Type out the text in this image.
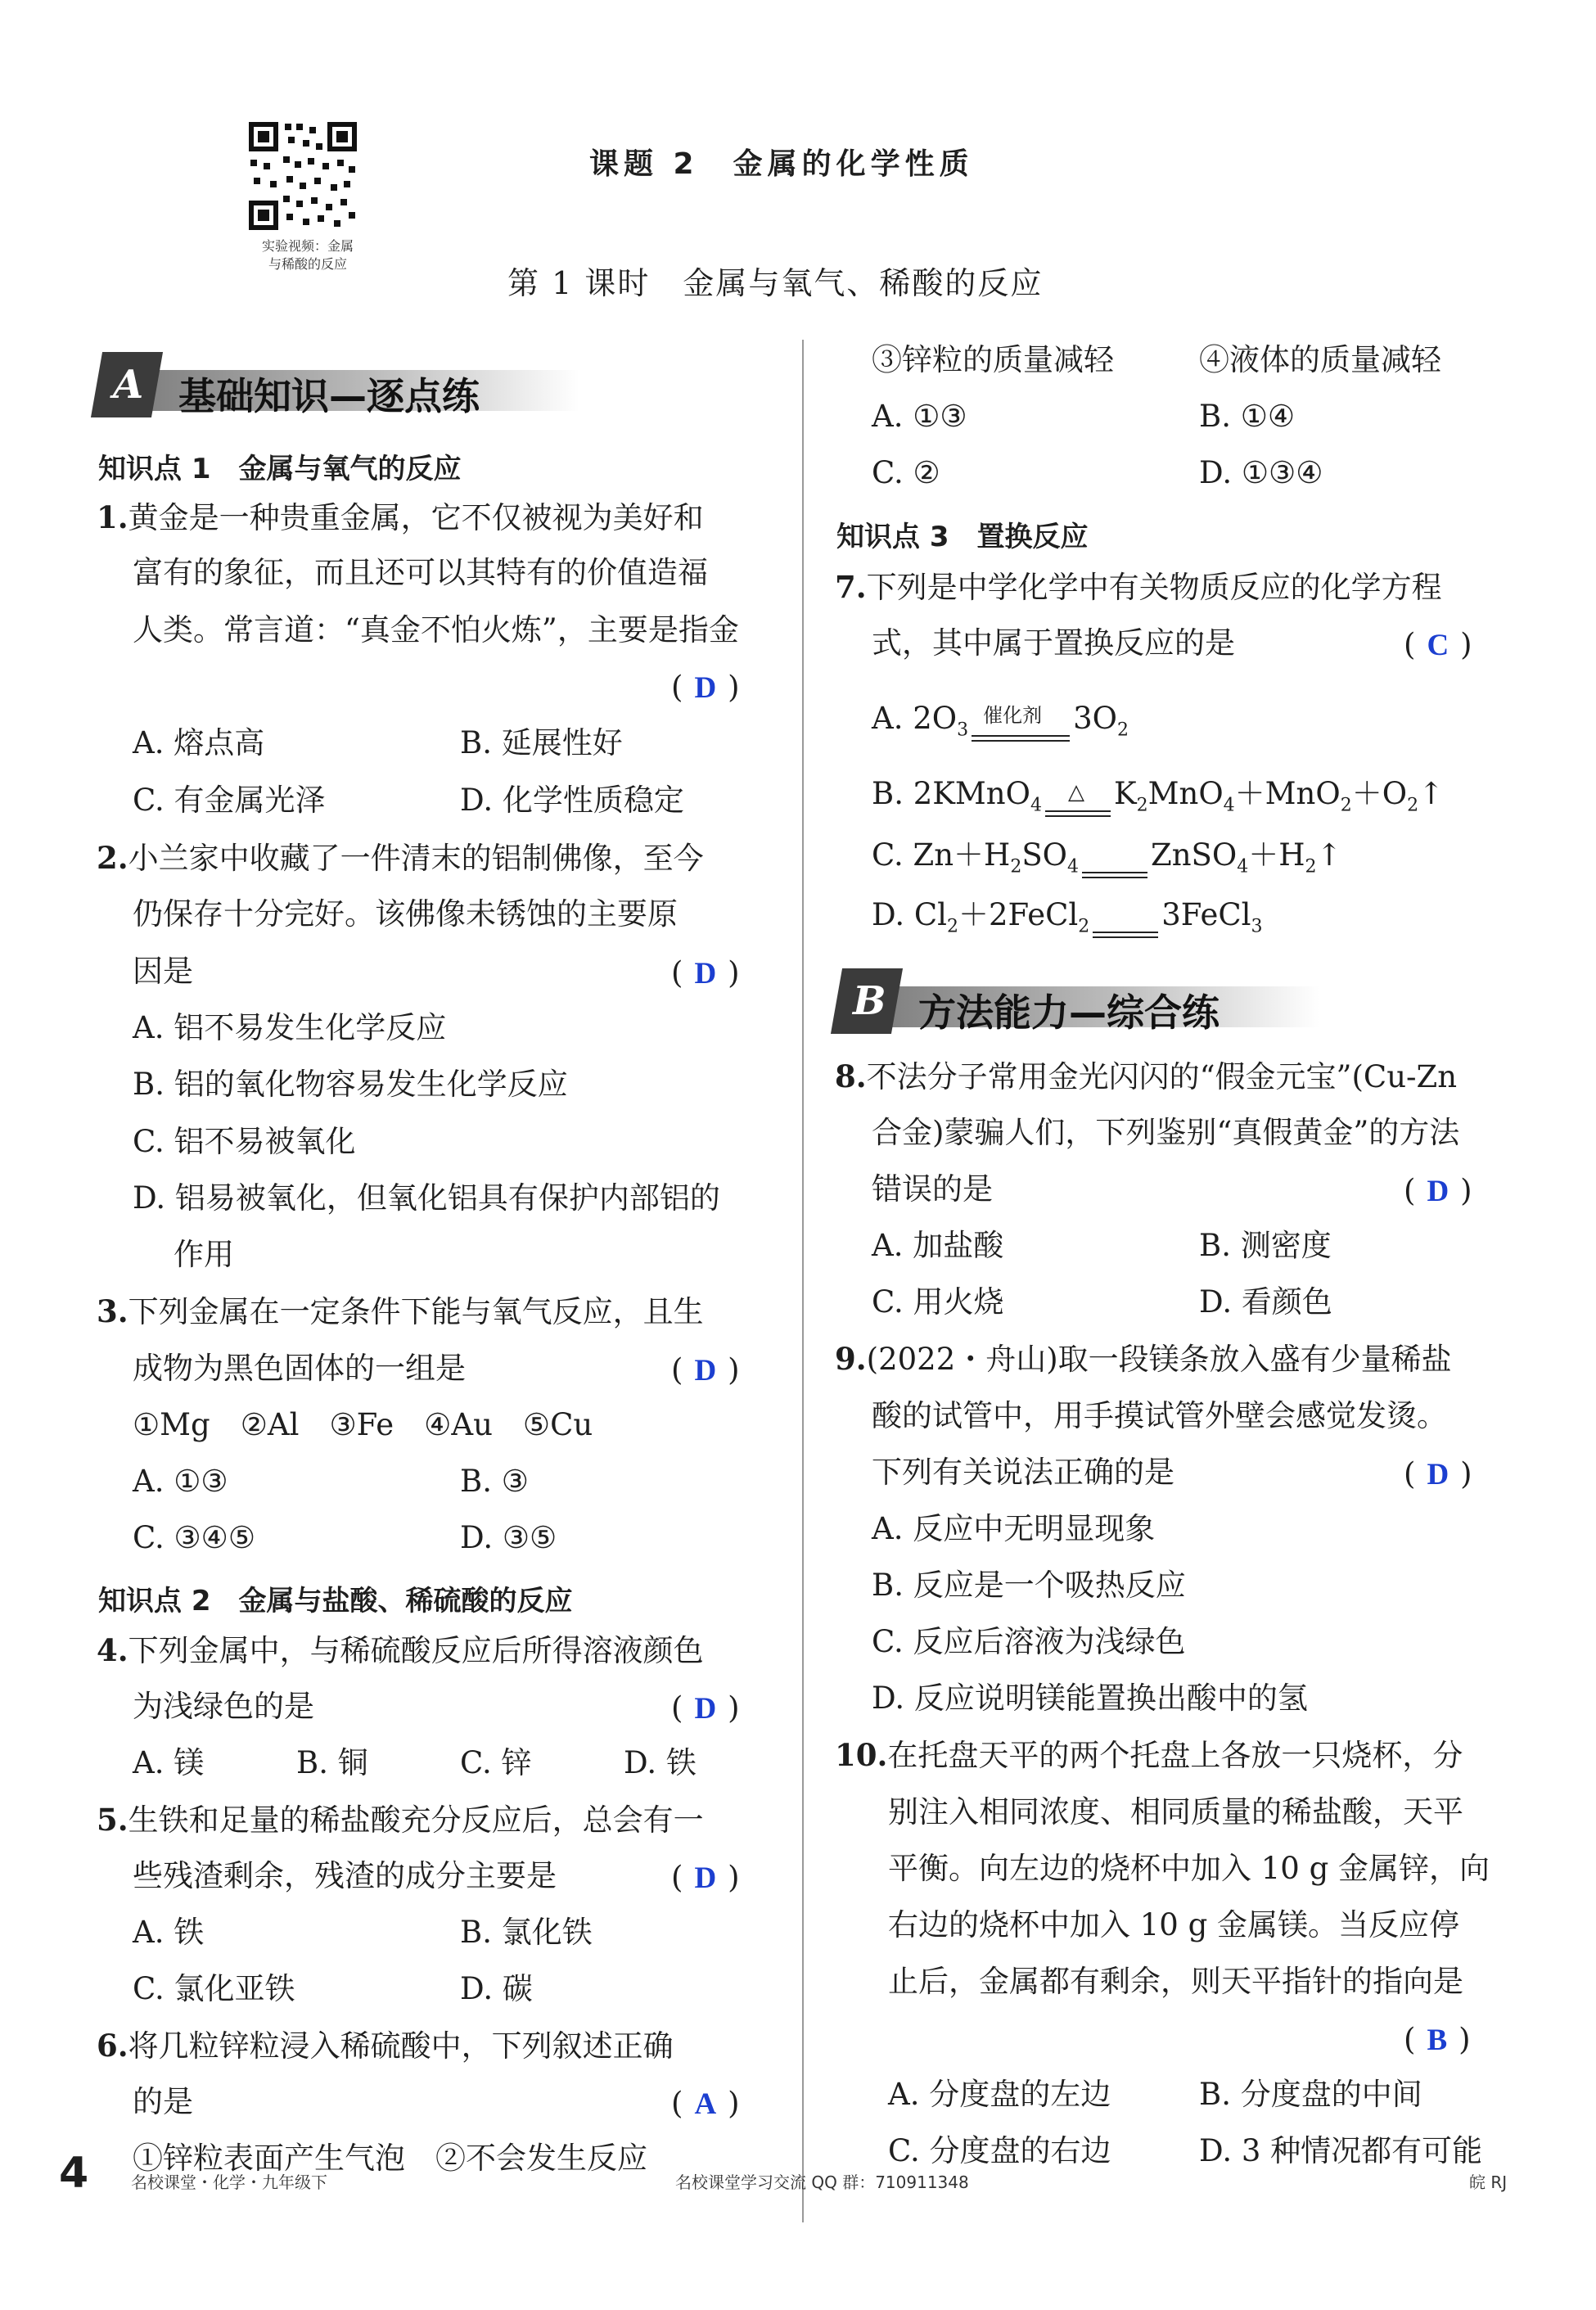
实验视频：金属
与稀酸的反应
课题 2　金属的化学性质
第 1 课时　金属与氧气、稀酸的反应
A 基础知识—逐点练
知识点 1　金属与氧气的反应
1.黄金是一种贵重金属，它不仅被视为美好和
富有的象征，而且还可以其特有的价值造福
人类。常言道：“真金不怕火炼”，主要是指金
( D )
A. 熔点高	B. 延展性好
C. 有金属光泽	D. 化学性质稳定
2.小兰家中收藏了一件清末的铝制佛像，至今
仍保存十分完好。该佛像未锈蚀的主要原
因是	( D )
A. 铝不易发生化学反应
B. 铝的氧化物容易发生化学反应
C. 铝不易被氧化
D. 铝易被氧化，但氧化铝具有保护内部铝的
作用
3.下列金属在一定条件下能与氧气反应，且生
成物为黑色固体的一组是	( D )
①Mg　②Al　③Fe　④Au　⑤Cu
A. ①③	B. ③
C. ③④⑤	D. ③⑤
知识点 2　金属与盐酸、稀硫酸的反应
4.下列金属中，与稀硫酸反应后所得溶液颜色
为浅绿色的是	( D )
A. 镁	B. 铜	C. 锌	D. 铁
5.生铁和足量的稀盐酸充分反应后，总会有一
些残渣剩余，残渣的成分主要是	( D )
A. 铁	B. 氯化铁
C. 氯化亚铁	D. 碳
6.将几粒锌粒浸入稀硫酸中，下列叙述正确
的是	( A )
①锌粒表面产生气泡　②不会发生反应
③锌粒的质量减轻	④液体的质量减轻
A. ①③	B. ①④
C. ②	D. ①③④
知识点 3　置换反应
7.下列是中学化学中有关物质反应的化学方程
式，其中属于置换反应的是	( C )
A. $2O_3$
催化剂 $3O_2$
B. 2KMnO$_4$
△ $K_2MnO_4+MnO_2+O_2↑$
C. $Zn+H_2SO_4$ $ZnSO_4+H_2↑$
D. $Cl_2+2FeCl_2$ 3FeCl$_3$
B 方法能力—综合练
8.不法分子常用金光闪闪的“假金元宝”(Cu-Zn
合金)蒙骗人们，下列鉴别“真假黄金”的方法
错误的是	( D )
A. 加盐酸	B. 测密度
C. 用火烧	D. 看颜色
9.(2022・舟山)取一段镁条放入盛有少量稀盐
酸的试管中，用手摸试管外壁会感觉发烫。
下列有关说法正确的是	( D )
A. 反应中无明显现象
B. 反应是一个吸热反应
C. 反应后溶液为浅绿色
D. 反应说明镁能置换出酸中的氢
10.在托盘天平的两个托盘上各放一只烧杯，分
别注入相同浓度、相同质量的稀盐酸，天平
平衡。向左边的烧杯中加入 10 g 金属锌，向
右边的烧杯中加入 10 g 金属镁。当反应停
止后，金属都有剩余，则天平指针的指向是
( B )
A. 分度盘的左边	B. 分度盘的中间
C. 分度盘的右边	D. 3 种情况都有可能
4	名校课堂・化学・九年级下	名校课堂学习交流 QQ 群：710911348	皖 RJ
